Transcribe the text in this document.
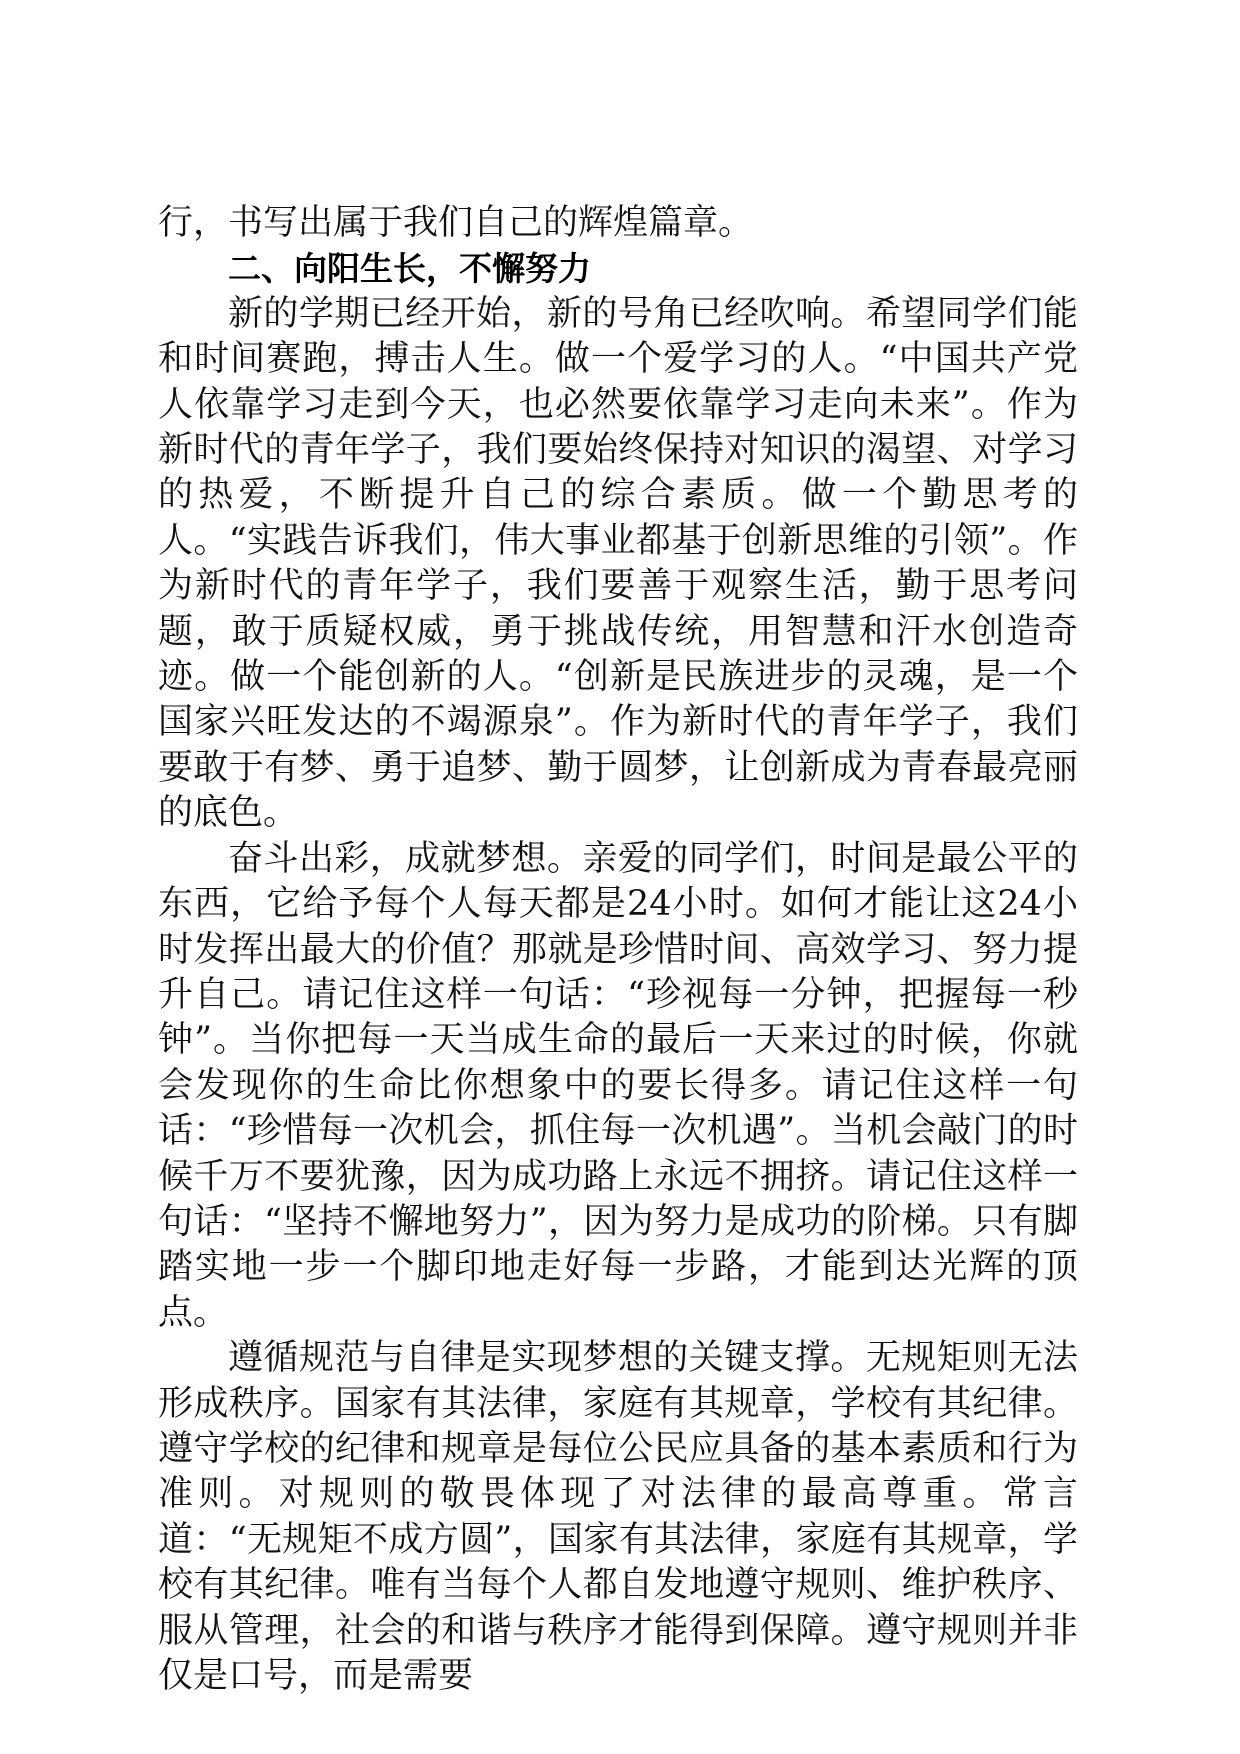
行，书写出属于我们自己的辉煌篇章。

二、向阳生长，不懈努力

新的学期已经开始，新的号角已经吹响。希望同学们能和时间赛跑，搏击人生。做一个爱学习的人。“中国共产党人依靠学习走到今天，也必然要依靠学习走向未来”。作为新时代的青年学子，我们要始终保持对知识的渴望、对学习的热爱，不断提升自己的综合素质。做一个勤思考的人。“实践告诉我们，伟大事业都基于创新思维的引领”。作为新时代的青年学子，我们要善于观察生活，勤于思考问题，敢于质疑权威，勇于挑战传统，用智慧和汗水创造奇迹。做一个能创新的人。“创新是民族进步的灵魂，是一个国家兴旺发达的不竭源泉”。作为新时代的青年学子，我们要敢于有梦、勇于追梦、勤于圆梦，让创新成为青春最亮丽的底色。

奋斗出彩，成就梦想。亲爱的同学们，时间是最公平的东西，它给予每个人每天都是24小时。如何才能让这24小时发挥出最大的价值？那就是珍惜时间、高效学习、努力提升自己。请记住这样一句话：“珍视每一分钟，把握每一秒钟”。当你把每一天当成生命的最后一天来过的时候，你就会发现你的生命比你想象中的要长得多。请记住这样一句话：“珍惜每一次机会，抓住每一次机遇”。当机会敲门的时候千万不要犹豫，因为成功路上永远不拥挤。请记住这样一句话：“坚持不懈地努力”，因为努力是成功的阶梯。只有脚踏实地一步一个脚印地走好每一步路，才能到达光辉的顶点。

遵循规范与自律是实现梦想的关键支撑。无规矩则无法形成秩序。国家有其法律，家庭有其规章，学校有其纪律。遵守学校的纪律和规章是每位公民应具备的基本素质和行为准则。对规则的敬畏体现了对法律的最高尊重。常言道：“无规矩不成方圆”，国家有其法律，家庭有其规章，学校有其纪律。唯有当每个人都自发地遵守规则、维护秩序、服从管理，社会的和谐与秩序才能得到保障。遵守规则并非仅是口号，而是需要
